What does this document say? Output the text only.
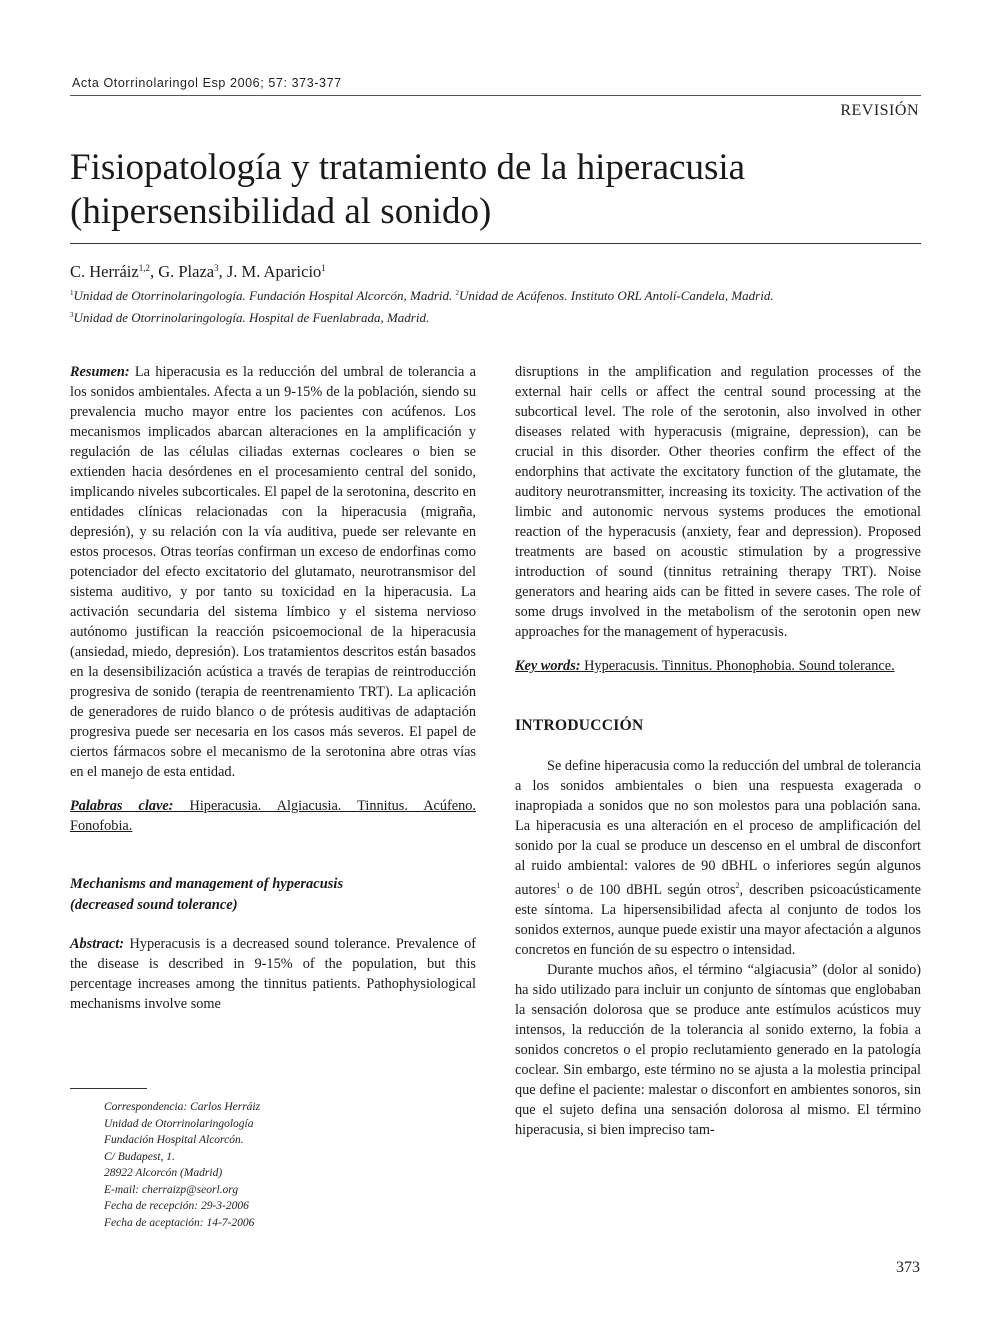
Acta Otorrinolaringol Esp 2006; 57: 373-377
REVISIÓN
Fisiopatología y tratamiento de la hiperacusia
(hipersensibilidad al sonido)
C. Herráiz$^{1,2}$, G. Plaza$^3$, J. M. Aparicio$^1$
$^1$Unidad de Otorrinolaringología. Fundación Hospital Alcorcón, Madrid. $^2$Unidad de Acúfenos. Instituto ORL Antolí-Candela, Madrid.
$^3$Unidad de Otorrinolaringología. Hospital de Fuenlabrada, Madrid.

Resumen: La hiperacusia es la reducción del umbral de tolerancia a los sonidos ambientales. Afecta a un 9-15% de la población, siendo su prevalencia mucho mayor entre los pacientes con acúfenos. Los mecanismos implicados abarcan alteraciones en la amplificación y regulación de las células ciliadas externas cocleares o bien se extienden hacia desórdenes en el procesamiento central del sonido, implicando niveles subcorticales. El papel de la serotonina, descrito en entidades clínicas relacionadas con la hiperacusia (migraña, depresión), y su relación con la vía auditiva, puede ser relevante en estos procesos. Otras teorías confirman un exceso de endorfinas como potenciador del efecto excitatorio del glutamato, neurotransmisor del sistema auditivo, y por tanto su toxicidad en la hiperacusia. La activación secundaria del sistema límbico y el sistema nervioso autónomo justifican la reacción psicoemocional de la hiperacusia (ansiedad, miedo, depresión). Los tratamientos descritos están basados en la desensibilización acústica a través de terapias de reintroducción progresiva de sonido (terapia de reentrenamiento TRT). La aplicación de generadores de ruido blanco o de prótesis auditivas de adaptación progresiva puede ser necesaria en los casos más severos. El papel de ciertos fármacos sobre el mecanismo de la serotonina abre otras vías en el manejo de esta entidad.

Palabras clave: Hiperacusia. Algiacusia. Tinnitus. Acúfeno. Fonofobia.

Mechanisms and management of hyperacusis
(decreased sound tolerance)

Abstract: Hyperacusis is a decreased sound tolerance. Prevalence of the disease is described in 9-15% of the population, but this percentage increases among the tinnitus patients. Pathophysiological mechanisms involve some

disruptions in the amplification and regulation processes of the external hair cells or affect the central sound processing at the subcortical level. The role of the serotonin, also involved in other diseases related with hyperacusis (migraine, depression), can be crucial in this disorder. Other theories confirm the effect of the endorphins that activate the excitatory function of the glutamate, the auditory neurotransmitter, increasing its toxicity. The activation of the limbic and autonomic nervous systems produces the emotional reaction of the hyperacusis (anxiety, fear and depression). Proposed treatments are based on acoustic stimulation by a progressive introduction of sound (tinnitus retraining therapy TRT). Noise generators and hearing aids can be fitted in severe cases. The role of some drugs involved in the metabolism of the serotonin open new approaches for the management of hyperacusis.

Key words: Hyperacusis. Tinnitus. Phonophobia. Sound tolerance.

INTRODUCCIÓN

Se define hiperacusia como la reducción del umbral de tolerancia a los sonidos ambientales o bien una respuesta exagerada o inapropiada a sonidos que no son molestos para una población sana. La hiperacusia es una alteración en el proceso de amplificación del sonido por la cual se produce un descenso en el umbral de disconfort al ruido ambiental: valores de 90 dBHL o inferiores según algunos autores$^1$ o de 100 dBHL según otros$^2$, describen psicoacústicamente este síntoma. La hipersensibilidad afecta al conjunto de todos los sonidos externos, aunque puede existir una mayor afectación a algunos concretos en función de su espectro o intensidad.

Durante muchos años, el término “algiacusia” (dolor al sonido) ha sido utilizado para incluir un conjunto de síntomas que englobaban la sensación dolorosa que se produce ante estímulos acústicos muy intensos, la reducción de la tolerancia al sonido externo, la fobia a sonidos concretos o el propio reclutamiento generado en la patología coclear. Sin embargo, este término no se ajusta a la molestia principal que define el paciente: malestar o disconfort en ambientes sonoros, sin que el sujeto defina una sensación dolorosa al mismo. El término hiperacusia, si bien impreciso tam-

Correspondencia: Carlos Herráiz
Unidad de Otorrinolaringología
Fundación Hospital Alcorcón.
C/ Budapest, 1.
28922 Alcorcón (Madrid)
E-mail: cherraizp@seorl.org
Fecha de recepción: 29-3-2006
Fecha de aceptación: 14-7-2006
373
